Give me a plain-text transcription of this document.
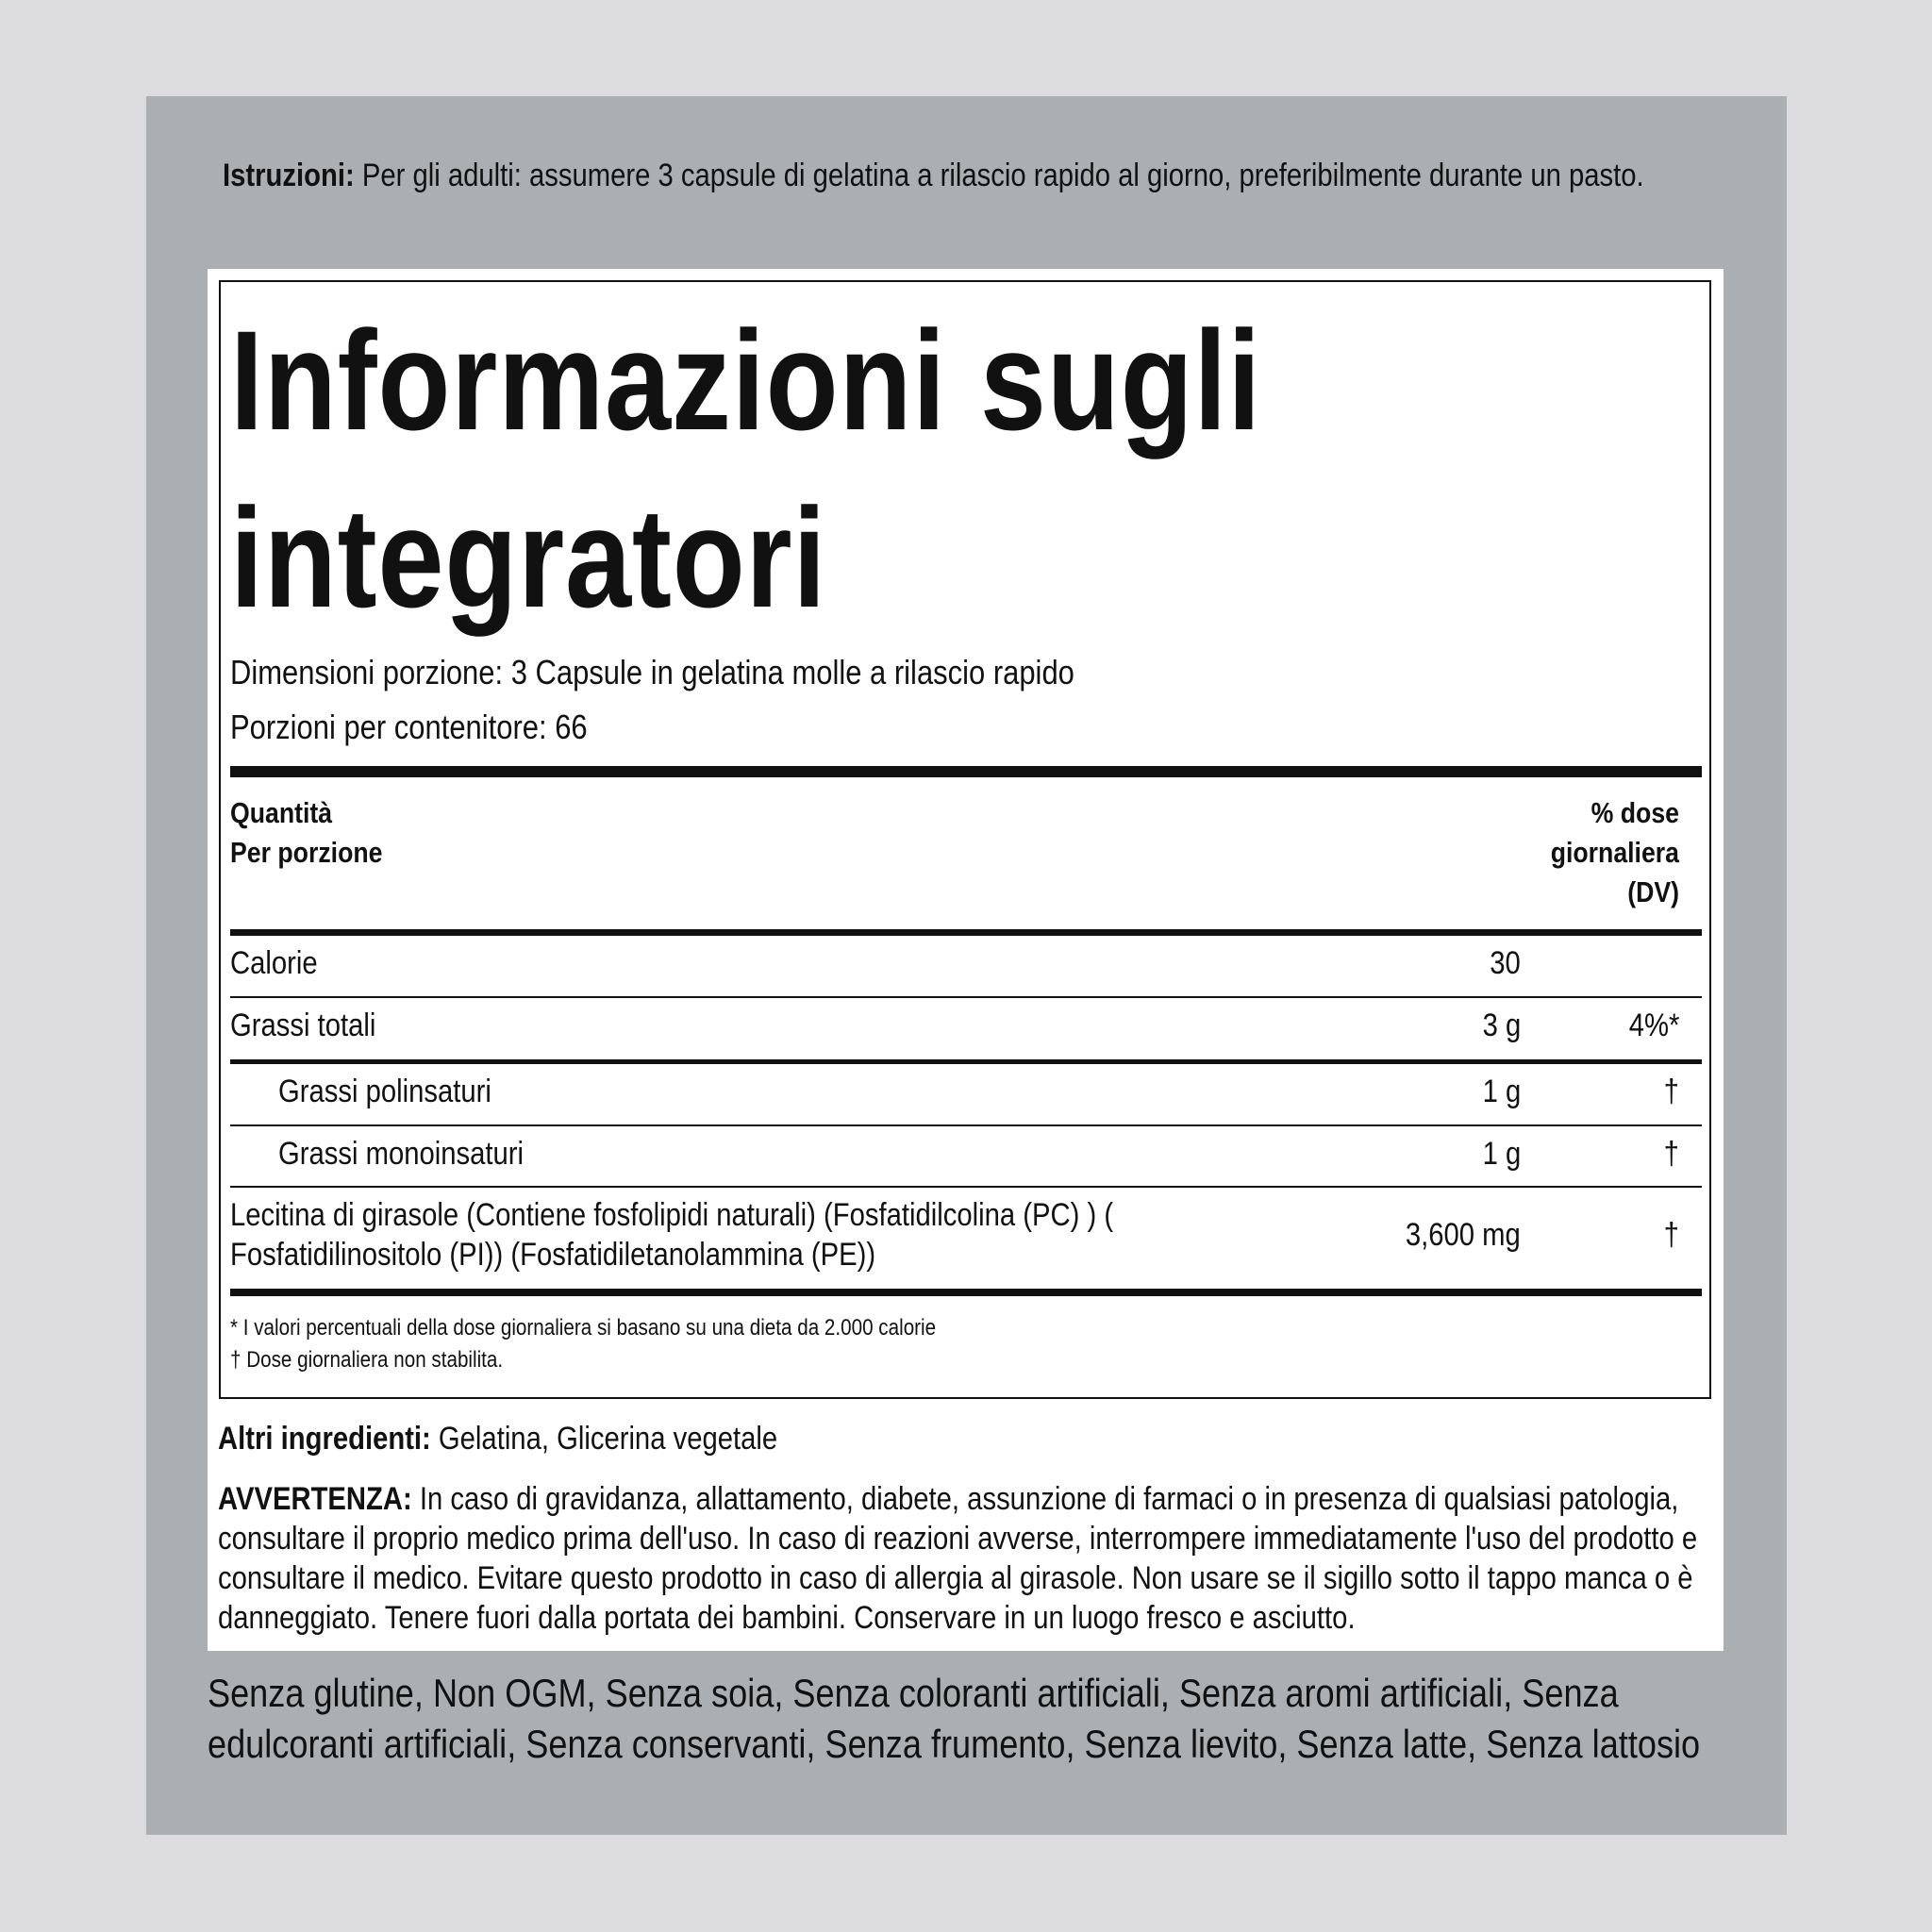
Istruzioni: Per gli adulti: assumere 3 capsule di gelatina a rilascio rapido al giorno, preferibilmente durante un pasto.
Informazioni sugli
integratori
Dimensioni porzione: 3 Capsule in gelatina molle a rilascio rapido
Porzioni per contenitore: 66
Quantità
Per porzione
% dose
giornaliera
(DV)
Calorie	30
Grassi totali	3 g	4%*
Grassi polinsaturi	1 g	†
Grassi monoinsaturi	1 g	†
Lecitina di girasole (Contiene fosfolipidi naturali) (Fosfatidilcolina (PC) ) (
Fosfatidilinositolo (PI)) (Fosfatidiletanolammina (PE))
3,600 mg	†
* I valori percentuali della dose giornaliera si basano su una dieta da 2.000 calorie
† Dose giornaliera non stabilita.
Altri ingredienti: Gelatina, Glicerina vegetale
AVVERTENZA: In caso di gravidanza, allattamento, diabete, assunzione di farmaci o in presenza di qualsiasi patologia, consultare il proprio medico prima dell'uso. In caso di reazioni avverse, interrompere immediatamente l'uso del prodotto e consultare il medico. Evitare questo prodotto in caso di allergia al girasole. Non usare se il sigillo sotto il tappo manca o è danneggiato. Tenere fuori dalla portata dei bambini. Conservare in un luogo fresco e asciutto.
Senza glutine, Non OGM, Senza soia, Senza coloranti artificiali, Senza aromi artificiali, Senza edulcoranti artificiali, Senza conservanti, Senza frumento, Senza lievito, Senza latte, Senza lattosio
